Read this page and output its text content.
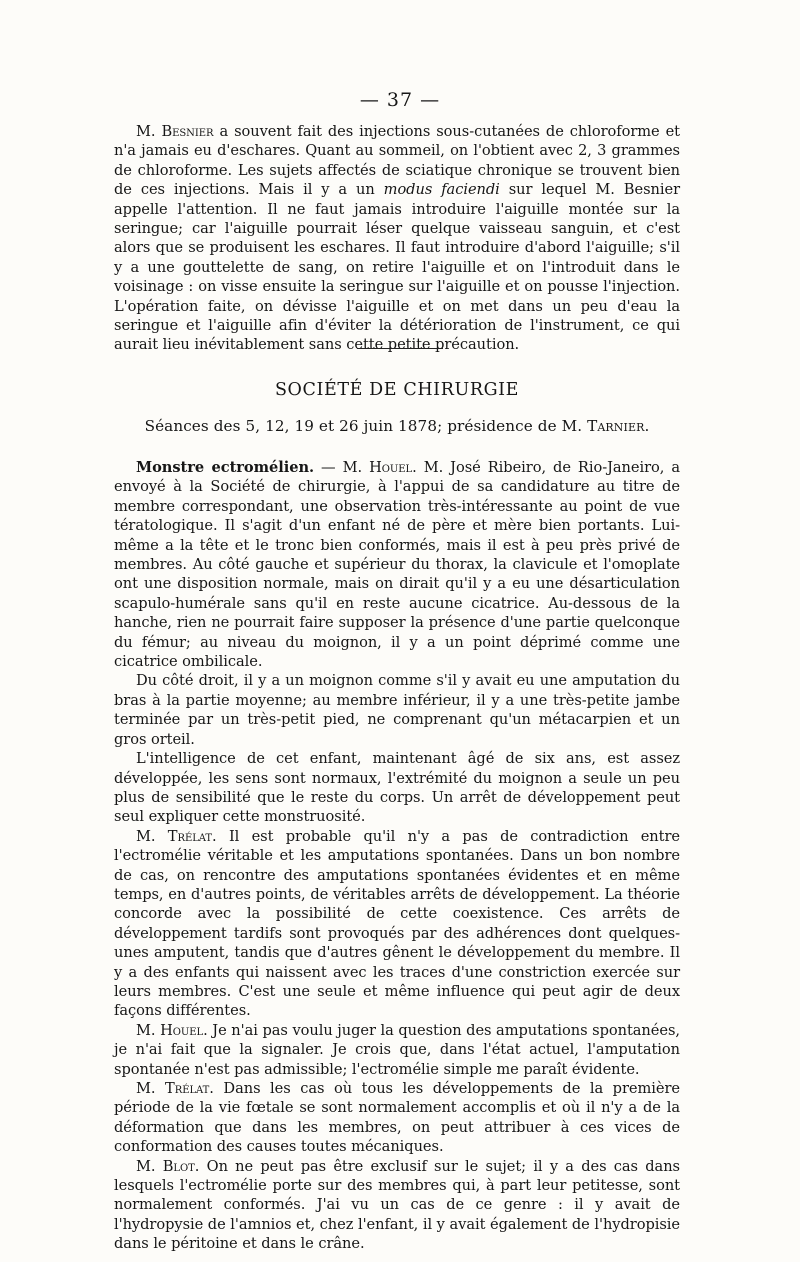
— 37 —

M. Besnier a souvent fait des injections sous-cutanées de chloroforme et n'a jamais eu d'eschares. Quant au sommeil, on l'obtient avec 2, 3 grammes de chloroforme. Les sujets affectés de sciatique chronique se trouvent bien de ces injections. Mais il y a un modus faciendi sur lequel M. Besnier appelle l'attention. Il ne faut jamais introduire l'aiguille montée sur la seringue; car l'aiguille pourrait léser quelque vaisseau sanguin, et c'est alors que se produisent les eschares. Il faut introduire d'abord l'aiguille; s'il y a une gouttelette de sang, on retire l'aiguille et on l'introduit dans le voisinage : on visse ensuite la seringue sur l'aiguille et on pousse l'injection. L'opération faite, on dévisse l'aiguille et on met dans un peu d'eau la seringue et l'aiguille afin d'éviter la détérioration de l'instrument, ce qui aurait lieu inévitablement sans cette petite précaution.

SOCIÉTÉ DE CHIRURGIE
Séances des 5, 12, 19 et 26 juin 1878; présidence de M. Tarnier.

Monstre ectromélien. — M. Houel. M. José Ribeiro, de Rio-Janeiro, a envoyé à la Société de chirurgie, à l'appui de sa candidature au titre de membre correspondant, une observation très-intéressante au point de vue tératologique. Il s'agit d'un enfant né de père et mère bien portants. Lui-même a la tête et le tronc bien conformés, mais il est à peu près privé de membres. Au côté gauche et supérieur du thorax, la clavicule et l'omoplate ont une disposition normale, mais on dirait qu'il y a eu une désarticulation scapulo-humérale sans qu'il en reste aucune cicatrice. Au-dessous de la hanche, rien ne pourrait faire supposer la présence d'une partie quelconque du fémur; au niveau du moignon, il y a un point déprimé comme une cicatrice ombilicale.

Du côté droit, il y a un moignon comme s'il y avait eu une amputation du bras à la partie moyenne; au membre inférieur, il y a une très-petite jambe terminée par un très-petit pied, ne comprenant qu'un métacarpien et un gros orteil.

L'intelligence de cet enfant, maintenant âgé de six ans, est assez développée, les sens sont normaux, l'extrémité du moignon a seule un peu plus de sensibilité que le reste du corps. Un arrêt de développement peut seul expliquer cette monstruosité.

M. Trélat. Il est probable qu'il n'y a pas de contradiction entre l'ectromélie véritable et les amputations spontanées. Dans un bon nombre de cas, on rencontre des amputations spontanées évidentes et en même temps, en d'autres points, de véritables arrêts de développement. La théorie concorde avec la possibilité de cette coexistence. Ces arrêts de développement tardifs sont provoqués par des adhérences dont quelques-unes amputent, tandis que d'autres gênent le développement du membre. Il y a des enfants qui naissent avec les traces d'une constriction exercée sur leurs membres. C'est une seule et même influence qui peut agir de deux façons différentes.

M. Houel. Je n'ai pas voulu juger la question des amputations spontanées, je n'ai fait que la signaler. Je crois que, dans l'état actuel, l'amputation spontanée n'est pas admissible; l'ectromélie simple me paraît évidente.

M. Trélat. Dans les cas où tous les développements de la première période de la vie fœtale se sont normalement accomplis et où il n'y a de la déformation que dans les membres, on peut attribuer à ces vices de conformation des causes toutes mécaniques.

M. Blot. On ne peut pas être exclusif sur le sujet; il y a des cas dans lesquels l'ectromélie porte sur des membres qui, à part leur petitesse, sont normalement conformés. J'ai vu un cas de ce genre : il y avait de l'hydropysie de l'amnios et, chez l'enfant, il y avait également de l'hydropisie dans le péritoine et dans le crâne.
